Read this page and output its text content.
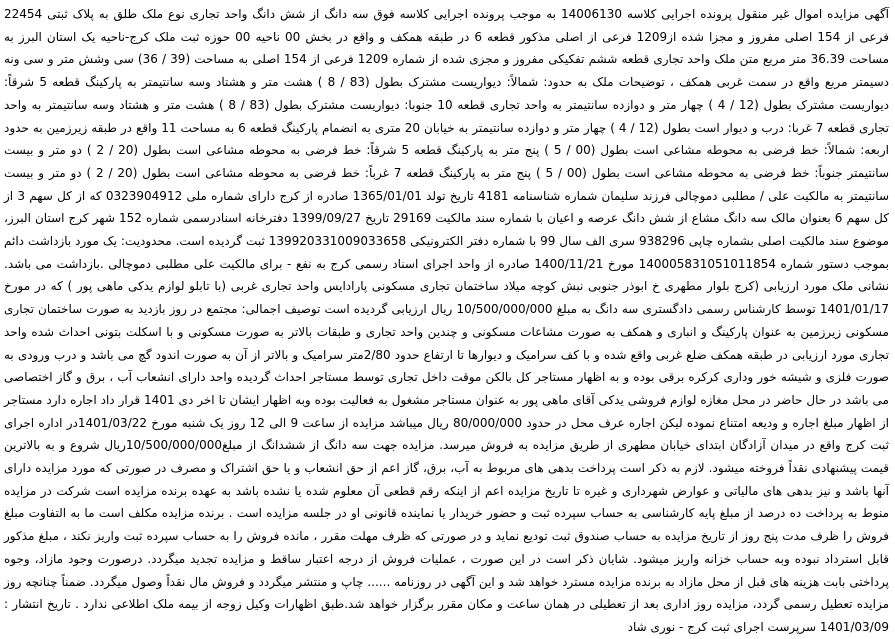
آگهی مزایده اموال غیر منقول پرونده اجرایی کلاسه 14006130 به موجب پرونده اجرایی کلاسه فوق سه دانگ از شش دانگ واحد تجاری نوع ملک طلق به پلاک ثبتی 22454 فرعی از 154 اصلی مفروز و مجزا شده از1209 فرعی از اصلی مذکور قطعه 6 در طبقه همکف و واقع در بخش 00 ناحیه 00 حوزه ثبت ملک کرج-ناحیه یک استان البرز به مساحت 36.39 متر مربع متن ملک واحد تجاری قطعه ششم تفکیکی مفروز و مجزی شده از شماره 1209 فرعی از 154 اصلی به مساحت (39 / 36) سی وشش متر و سی ونه دسیمتر مربع واقع در سمت غربی همکف ، توضیحات ملک به حدود: شمالاً: دیواریست مشترک بطول (83 / 8 ) هشت متر و هشتاد وسه سانتیمتر به پارکینگ قطعه 5 شرقاً: دیواریست مشترک بطول (12 / 4 ) چهار متر و دوازده سانتیمتر به واحد تجاری قطعه 10 جنوبا: دیواریست مشترک بطول (83 / 8 ) هشت متر و هشتاد وسه سانتیمتر به واحد تجاری قطعه 7 غربا: درب و دیوار است بطول (12 / 4 ) چهار متر و دوازده سانتیمتر به خیابان 20 متری به انضمام پارکینگ قطعه 6 به مساحت 11 واقع در طبقه زیرزمین به حدود اربعه: شمالاً: خط فرضی به محوطه مشاعی است بطول (00 / 5 ) پنج متر به پارکینگ قطعه 5 شرقاً: خط فرضی به محوطه مشاعی است بطول (20 / 2 ) دو متر و بیست سانتیمتر جنوباً: خط فرضی به محوطه مشاعی است بطول (00 / 5 ) پنج متر به پارکینگ قطعه 7 غرباً: خط فرضی به محوطه مشاعی است بطول (20 / 2 ) دو متر و بیست سانتیمتر به مالکیت علی / مطلبی دموچالی فرزند سلیمان شماره شناسنامه 4181 تاریخ تولد 1365/01/01 صادره از کرج دارای شماره ملی 0323904912 که از کل سهم 3 از کل سهم 6 بعنوان مالک سه دانگ مشاع از شش دانگ عرصه و اعیان با شماره سند مالکیت 29169 تاریخ 1399/09/27 دفترخانه اسنادرسمی شماره 152 شهر کرج استان البرز، موضوع سند مالکیت اصلی بشماره چاپی 938296 سری الف سال 99 با شماره دفتر الکترونیکی 139920331009033658 ثبت گردیده است. محدودیت: یک مورد بازداشت دائم بموجب دستور شماره 140005831051011854 مورخ 1400/11/21 صادره از واحد اجرای اسناد رسمی کرج به نفع - برای مالکیت علی مطلبی دموچالی .بازداشت می باشد. نشانی ملک مورد ارزیابی (کرج بلوار مطهری خ ابوذر جنوبی نبش کوچه میلاد ساختمان تجاری مسکونی پارادایس واحد تجاری غربی (با تابلو لوازم یدکی ماهی پور ) که در مورخ 1401/01/17 توسط کارشناس رسمی دادگستری سه دانگ به مبلغ 10/500/000/000 ریال ارزیابی گردیده است توصیف اجمالی: مجتمع در روز بازدید به صورت ساختمان تجاری مسکونی زیرزمین به عنوان پارکینگ و انباری و همکف به صورت مشاعات مسکونی و چندین واحد تجاری و طبقات بالاتر به صورت مسکونی و با اسکلت بتونی احداث شده واحد تجاری مورد ارزیابی در طبقه همکف ضلع غربی واقع شده و با کف سرامیک و دیوارها تا ارتفاع حدود 2/80متر سرامیک و بالاتر از آن به صورت اندود گچ می باشد و درب ورودی به صورت فلزی و شیشه خور وداری کرکره برقی بوده و به اظهار مستاجر کل بالکن موقت داخل تجاری توسط مستاجر احداث گردیده واحد دارای انشعاب آب ، برق و گاز اختصاصی می باشد در حال حاضر در محل مغازه لوازم فروشی یدکی آقای ماهی پور به عنوان مستاجر مشغول به فعالیت بوده وبه اظهار ایشان تا اخر دی 1401 قرار داد اجاره دارد مستاجر از اظهار مبلغ اجاره و ودیعه امتناع نموده لیکن اجاره عرف محل در حدود 80/000/000 ریال میباشد مزایده از ساعت 9 الی 12 روز یک شنبه مورخ 1401/03/22در اداره اجرای ثبت کرج واقع در میدان آزادگان ابتدای خیابان مطهری از طریق مزایده به فروش میرسد. مزایده جهت سه دانگ از ششدانگ از مبلغ10/500/000/000ریال شروع و به بالاترین قیمت پیشنهادی نقداً فروخته میشود. لازم به ذکر است پرداخت بدهی های مربوط به آب، برق، گاز اعم از حق انشعاب و یا حق اشتراک و مصرف در صورتی که مورد مزایده دارای آنها باشد و نیز بدهی های مالیاتی و عوارض شهرداری و غیره تا تاریخ مزایده اعم از اینکه رقم قطعی آن معلوم شده یا نشده باشد به عهده برنده مزایده است شرکت در مزایده منوط به پرداخت ده درصد از مبلغ پایه کارشناسی به حساب سپرده ثبت و حضور خریدار یا نماینده قانونی او در جلسه مزایده است . برنده مزایده مکلف است ما به التفاوت مبلغ فروش را ظرف مدت پنج روز از تاریخ مزایده به حساب صندوق ثبت تودیع نماید و در صورتی که ظرف مهلت مقرر ، مانده فروش را به حساب سپرده ثبت واریز نکند ، مبلغ مذکور قابل استرداد نبوده وبه حساب خزانه واریز میشود. شایان ذکر است در این صورت ، عملیات فروش از درجه اعتبار ساقط و مزایده تجدید میگردد. درصورت وجود مازاد، وجوه پرداختی بابت هزینه های قبل از محل مازاد به برنده مزایده مسترد خواهد شد و این آگهی در روزنامه ...... چاپ و منتشر میگردد و فروش مال نقداً وصول میگردد. ضمناً چنانچه روز مزایده تعطیل رسمی گردد، مزایده روز اداری بعد از تعطیلی در همان ساعت و مکان مقرر برگزار خواهد شد.طبق اظهارات وکیل زوجه از بیمه ملک اطلاعی ندارد . تاریخ انتشار : 1401/03/09 سرپرست اجرای ثبت کرج - نوری شاد
